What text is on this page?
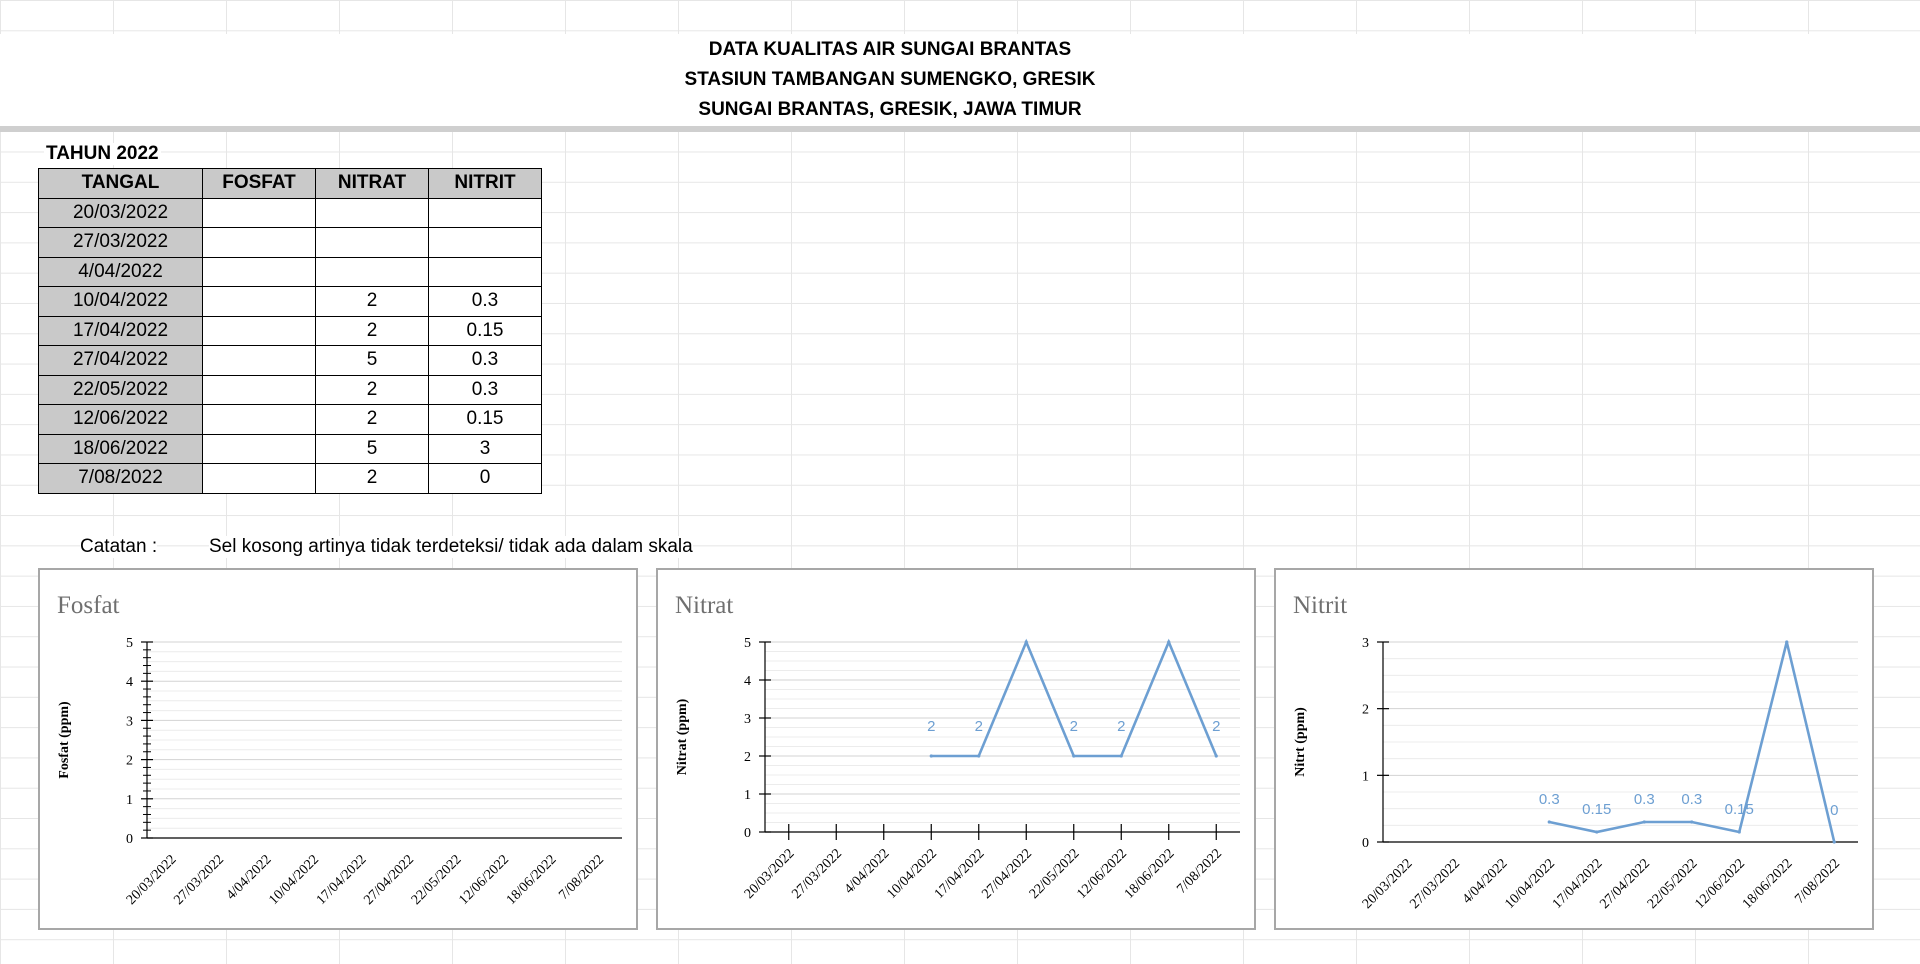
DATA KUALITAS AIR SUNGAI BRANTAS
STASIUN TAMBANGAN SUMENGKO, GRESIK
SUNGAI BRANTAS, GRESIK, JAWA TIMUR
TAHUN 2022
TANGAL	FOSFAT	NITRAT	NITRIT
20/03/2022			
27/03/2022			
4/04/2022			
10/04/2022		2	0.3
17/04/2022		2	0.15
27/04/2022		5	0.3
22/05/2022		2	0.3
12/06/2022		2	0.15
18/06/2022		5	3
7/08/2022		2	0
Catatan :	Sel kosong artinya tidak terdeteksi/ tidak ada dalam skala
Fosfat
0
1
2
3
4
5
Fosfat (ppm)
20/03/2022
27/03/2022
4/04/2022
10/04/2022
17/04/2022
27/04/2022
22/05/2022
12/06/2022
18/06/2022
7/08/2022
Nitrat
0
1
2
3
4
5
Nitrat (ppm)
20/03/2022
27/03/2022
4/04/2022
10/04/2022
17/04/2022
27/04/2022
22/05/2022
12/06/2022
18/06/2022
7/08/2022
2	2	2	2	2
Nitrit
0
1
2
3
Nitrt (ppm)
20/03/2022
27/03/2022
4/04/2022
10/04/2022
17/04/2022
27/04/2022
22/05/2022
12/06/2022
18/06/2022
7/08/2022
0.3
0.15
0.3 0.3
0.15	0
